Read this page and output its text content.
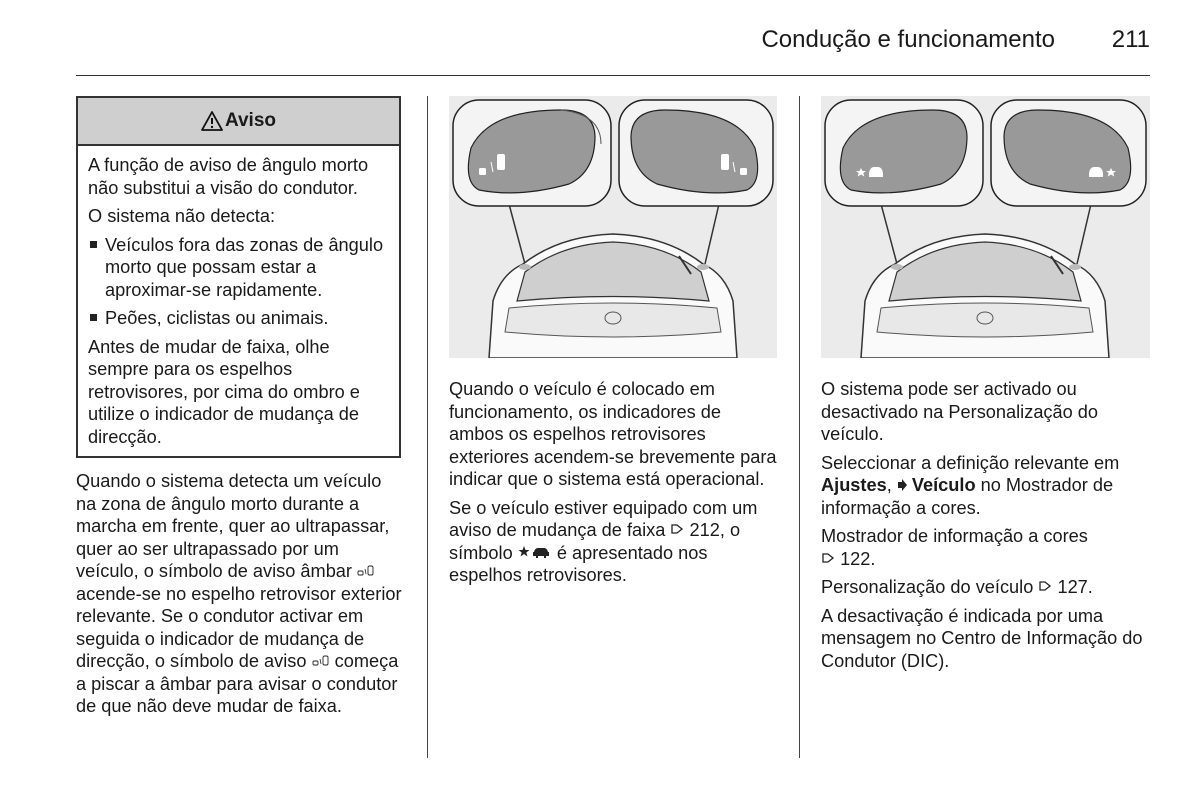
Condução e funcionamento 211
Aviso

A função de aviso de ângulo morto não substitui a visão do condutor.

O sistema não detecta:

Veículos fora das zonas de ângulo morto que possam estar a aproximar-se rapidamente.
Peões, ciclistas ou animais.

Antes de mudar de faixa, olhe sempre para os espelhos retrovisores, por cima do ombro e utilize o indicador de mudança de direcção.

Quando o sistema detecta um veículo na zona de ângulo morto durante a marcha em frente, quer ao ultrapassar, quer ao ser ultrapassado por um veículo, o símbolo de aviso âmbar  acende-se no espelho retrovisor exterior relevante. Se o condutor activar em seguida o indicador de mudança de direcção, o símbolo de aviso começa a piscar a âmbar para avisar o condutor de que não deve mudar de faixa.

Quando o veículo é colocado em funcionamento, os indicadores de ambos os espelhos retrovisores exteriores acendem-se brevemente para indicar que o sistema está operacional.

Se o veículo estiver equipado com um aviso de mudança de faixa 212, o símbolo é apresentado nos espelhos retrovisores.

O sistema pode ser activado ou desactivado na Personalização do veículo.

Seleccionar a definição relevante em Ajustes,  Veículo no Mostrador de informação a cores.

Mostrador de informação a cores
122.

Personalização do veículo 127.

A desactivação é indicada por uma mensagem no Centro de Informação do Condutor (DIC).
